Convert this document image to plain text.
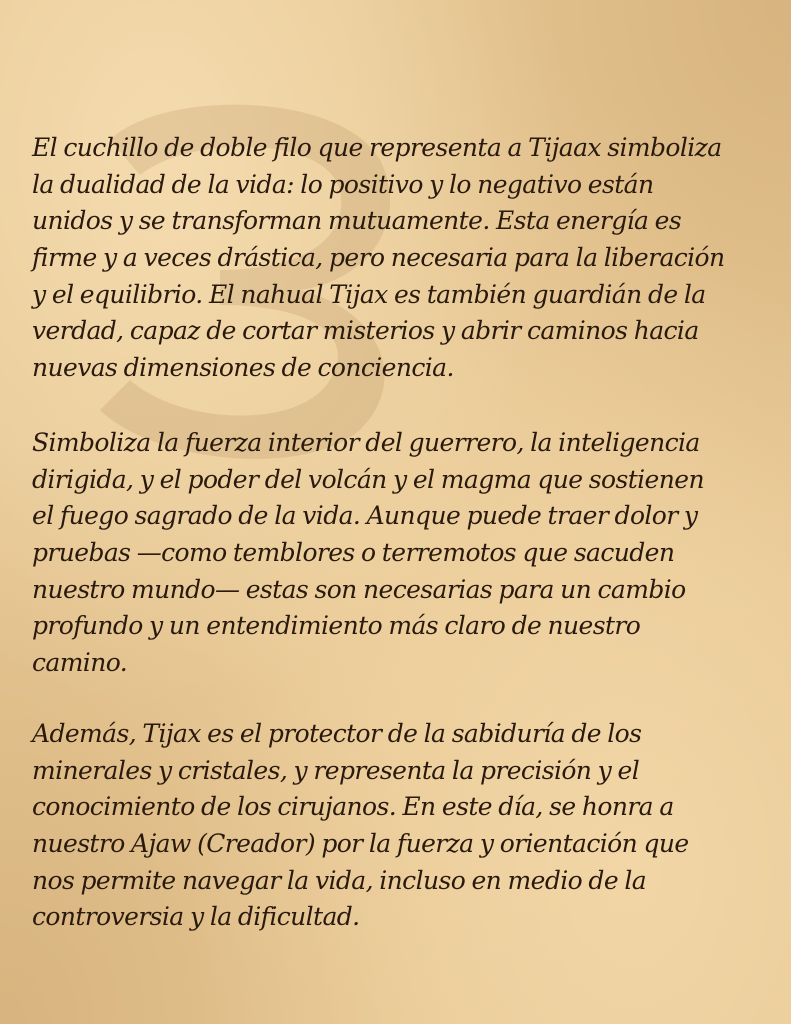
El cuchillo de doble filo que representa a Tijaax simboliza
la dualidad de la vida: lo positivo y lo negativo están
unidos y se transforman mutuamente. Esta energía es
firme y a veces drástica, pero necesaria para la liberación
y el equilibrio. El nahual Tijax es también guardián de la
verdad, capaz de cortar misterios y abrir caminos hacia
nuevas dimensiones de conciencia.
Simboliza la fuerza interior del guerrero, la inteligencia
dirigida, y el poder del volcán y el magma que sostienen
el fuego sagrado de la vida. Aunque puede traer dolor y
pruebas —como temblores o terremotos que sacuden
nuestro mundo— estas son necesarias para un cambio
profundo y un entendimiento más claro de nuestro
camino.
Además, Tijax es el protector de la sabiduría de los
minerales y cristales, y representa la precisión y el
conocimiento de los cirujanos. En este día, se honra a
nuestro Ajaw (Creador) por la fuerza y orientación que
nos permite navegar la vida, incluso en medio de la
controversia y la dificultad.
